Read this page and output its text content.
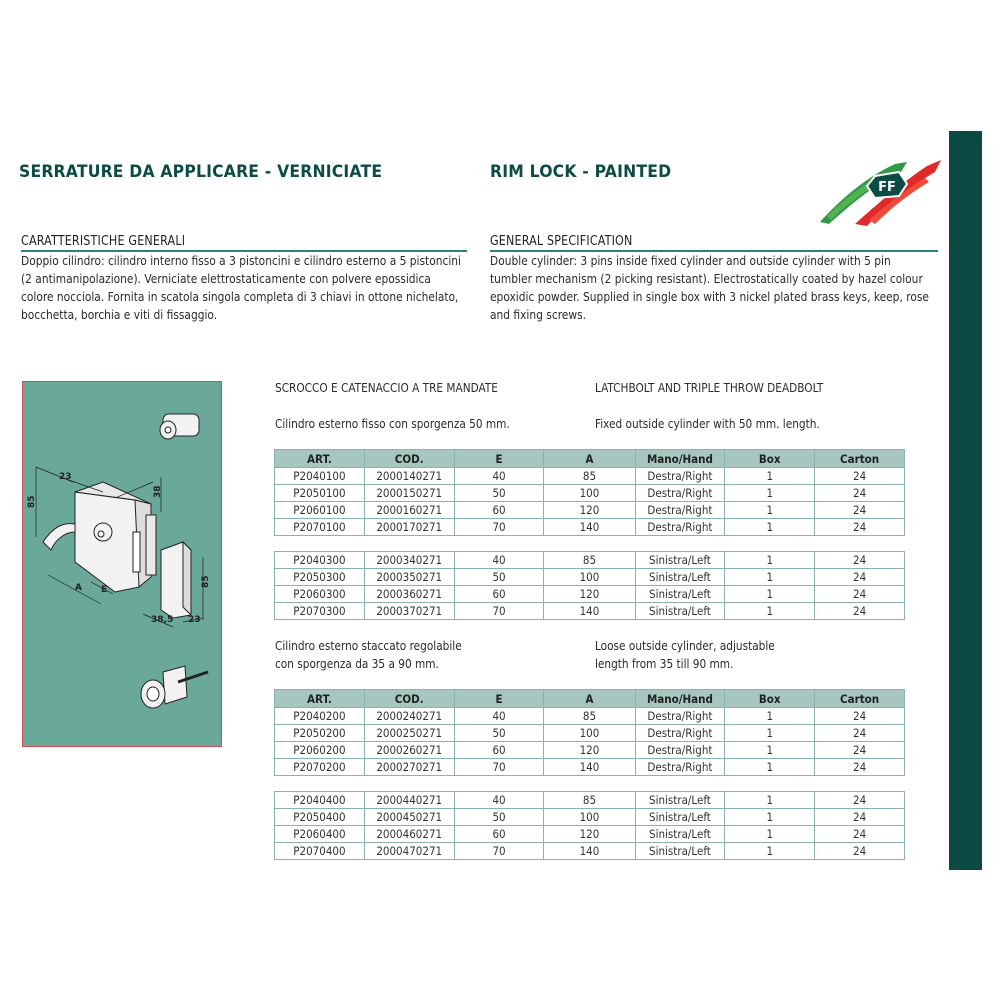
SERRATURE DA APPLICARE - VERNICIATE	RIM LOCK - PAINTED
FF
CARATTERISTICHE GENERALI
Doppio cilindro: cilindro interno fisso a 3 pistoncini e cilindro esterno a 5 pistoncini (2 antimanipolazione). Verniciate elettrostaticamente con polvere epossidica colore nocciola. Fornita in scatola singola completa di 3 chiavi in ottone nichelato, bocchetta, borchia e viti di fissaggio.
GENERAL SPECIFICATION
Double cylinder: 3 pins inside fixed cylinder and outside cylinder with 5 pin tumbler mechanism (2 picking resistant). Electrostatically coated by hazel colour epoxidic powder. Supplied in single box with 3 nickel plated brass keys, keep, rose and fixing screws.
85
23
38
A E
85
38,5 23
SCROCCO E CATENACCIO A TRE MANDATE	LATCHBOLT AND TRIPLE THROW DEADBOLT
Cilindro esterno fisso con sporgenza 50 mm.	Fixed outside cylinder with 50 mm. length.
ART.	COD.	E	A	Mano/Hand	Box	Carton
P2040100	2000140271	40	85	Destra/Right	1	24
P2050100	2000150271	50	100	Destra/Right	1	24
P2060100	2000160271	60	120	Destra/Right	1	24
P2070100	2000170271	70	140	Destra/Right	1	24
P2040300	2000340271	40	85	Sinistra/Left	1	24
P2050300	2000350271	50	100	Sinistra/Left	1	24
P2060300	2000360271	60	120	Sinistra/Left	1	24
P2070300	2000370271	70	140	Sinistra/Left	1	24
Cilindro esterno staccato regolabile
con sporgenza da 35 a 90 mm.
Loose outside cylinder, adjustable
length from 35 till 90 mm.
ART.	COD.	E	A	Mano/Hand	Box	Carton
P2040200	2000240271	40	85	Destra/Right	1	24
P2050200	2000250271	50	100	Destra/Right	1	24
P2060200	2000260271	60	120	Destra/Right	1	24
P2070200	2000270271	70	140	Destra/Right	1	24
P2040400	2000440271	40	85	Sinistra/Left	1	24
P2050400	2000450271	50	100	Sinistra/Left	1	24
P2060400	2000460271	60	120	Sinistra/Left	1	24
P2070400	2000470271	70	140	Sinistra/Left	1	24
